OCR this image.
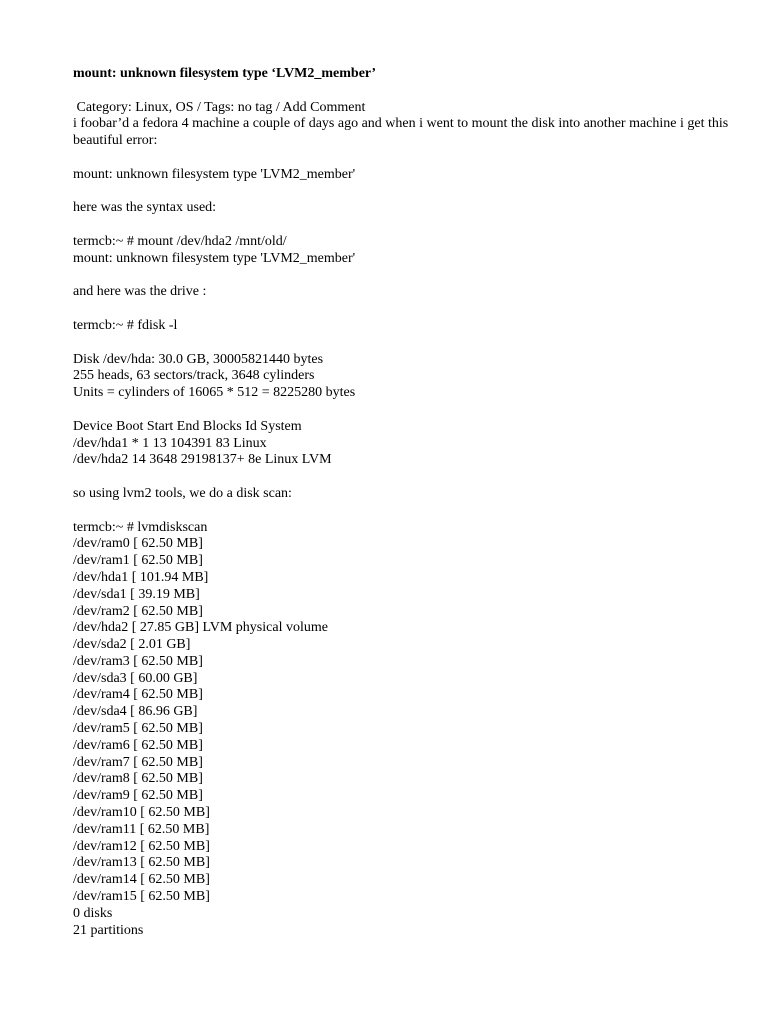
mount: unknown filesystem type ‘LVM2_member’
Category: Linux, OS / Tags: no tag / Add Comment
i foobar’d a fedora 4 machine a couple of days ago and when i went to mount the disk into another machine i get this beautiful error:
mount: unknown filesystem type 'LVM2_member'
here was the syntax used:
termcb:~ # mount /dev/hda2 /mnt/old/
mount: unknown filesystem type 'LVM2_member'
and here was the drive :
termcb:~ # fdisk -l
Disk /dev/hda: 30.0 GB, 30005821440 bytes
255 heads, 63 sectors/track, 3648 cylinders
Units = cylinders of 16065 * 512 = 8225280 bytes
Device Boot Start End Blocks Id System
/dev/hda1 * 1 13 104391 83 Linux
/dev/hda2 14 3648 29198137+ 8e Linux LVM
so using lvm2 tools, we do a disk scan:
termcb:~ # lvmdiskscan
/dev/ram0 [ 62.50 MB]
/dev/ram1 [ 62.50 MB]
/dev/hda1 [ 101.94 MB]
/dev/sda1 [ 39.19 MB]
/dev/ram2 [ 62.50 MB]
/dev/hda2 [ 27.85 GB] LVM physical volume
/dev/sda2 [ 2.01 GB]
/dev/ram3 [ 62.50 MB]
/dev/sda3 [ 60.00 GB]
/dev/ram4 [ 62.50 MB]
/dev/sda4 [ 86.96 GB]
/dev/ram5 [ 62.50 MB]
/dev/ram6 [ 62.50 MB]
/dev/ram7 [ 62.50 MB]
/dev/ram8 [ 62.50 MB]
/dev/ram9 [ 62.50 MB]
/dev/ram10 [ 62.50 MB]
/dev/ram11 [ 62.50 MB]
/dev/ram12 [ 62.50 MB]
/dev/ram13 [ 62.50 MB]
/dev/ram14 [ 62.50 MB]
/dev/ram15 [ 62.50 MB]
0 disks
21 partitions
